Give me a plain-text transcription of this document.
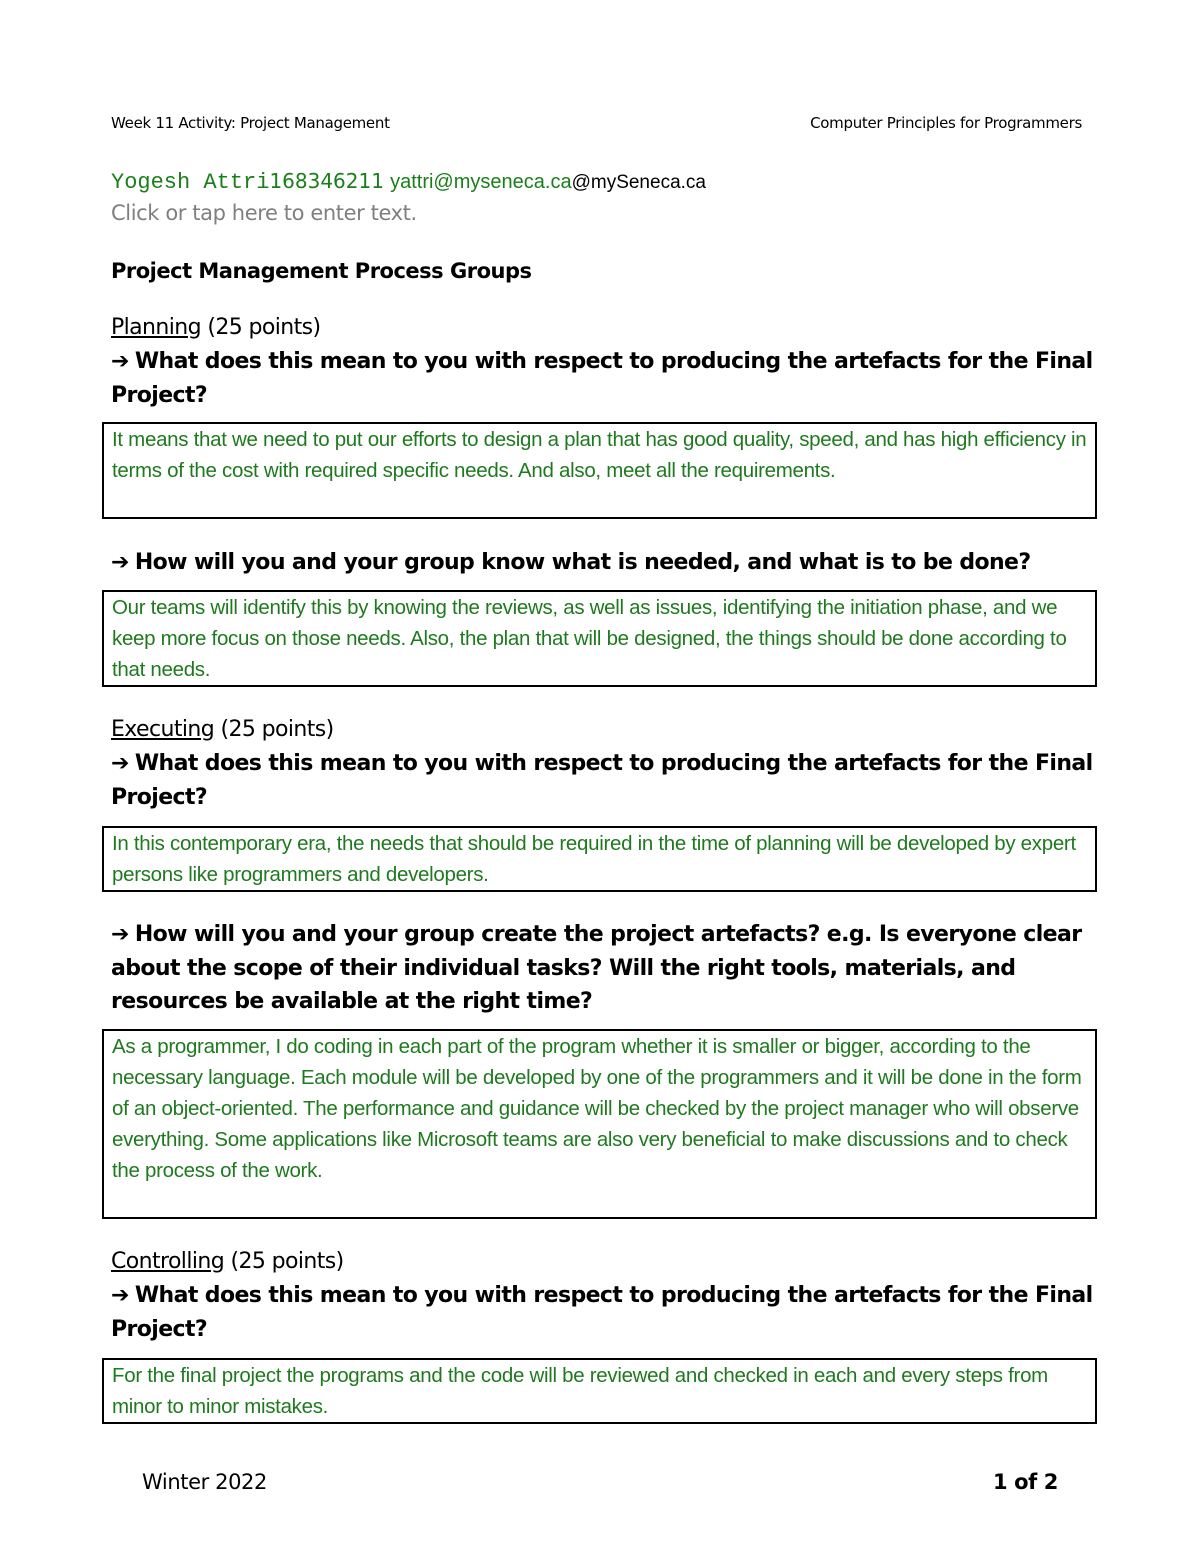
Week 11 Activity: Project Management	Computer Principles for Programmers
Yogesh Attri168346211 yattri@myseneca.ca@mySeneca.ca
Click or tap here to enter text.
Project Management Process Groups
Planning (25 points)
➔ What does this mean to you with respect to producing the artefacts for the Final Project?
It means that we need to put our efforts to design a plan that has good quality, speed, and has high efficiency in terms of the cost with required specific needs. And also, meet all the requirements.
➔ How will you and your group know what is needed, and what is to be done?
Our teams will identify this by knowing the reviews, as well as issues, identifying the initiation phase, and we keep more focus on those needs. Also, the plan that will be designed, the things should be done according to that needs.
Executing (25 points)
➔ What does this mean to you with respect to producing the artefacts for the Final Project?
In this contemporary era, the needs that should be required in the time of planning will be developed by expert persons like programmers and developers.
➔ How will you and your group create the project artefacts? e.g. Is everyone clear about the scope of their individual tasks? Will the right tools, materials, and resources be available at the right time?
As a programmer, I do coding in each part of the program whether it is smaller or bigger, according to the necessary language. Each module will be developed by one of the programmers and it will be done in the form of an object-oriented. The performance and guidance will be checked by the project manager who will observe everything. Some applications like Microsoft teams are also very beneficial to make discussions and to check the process of the work.
Controlling (25 points)
➔ What does this mean to you with respect to producing the artefacts for the Final Project?
For the final project the programs and the code will be reviewed and checked in each and every steps from minor to minor mistakes.
Winter 2022	1 of 2
